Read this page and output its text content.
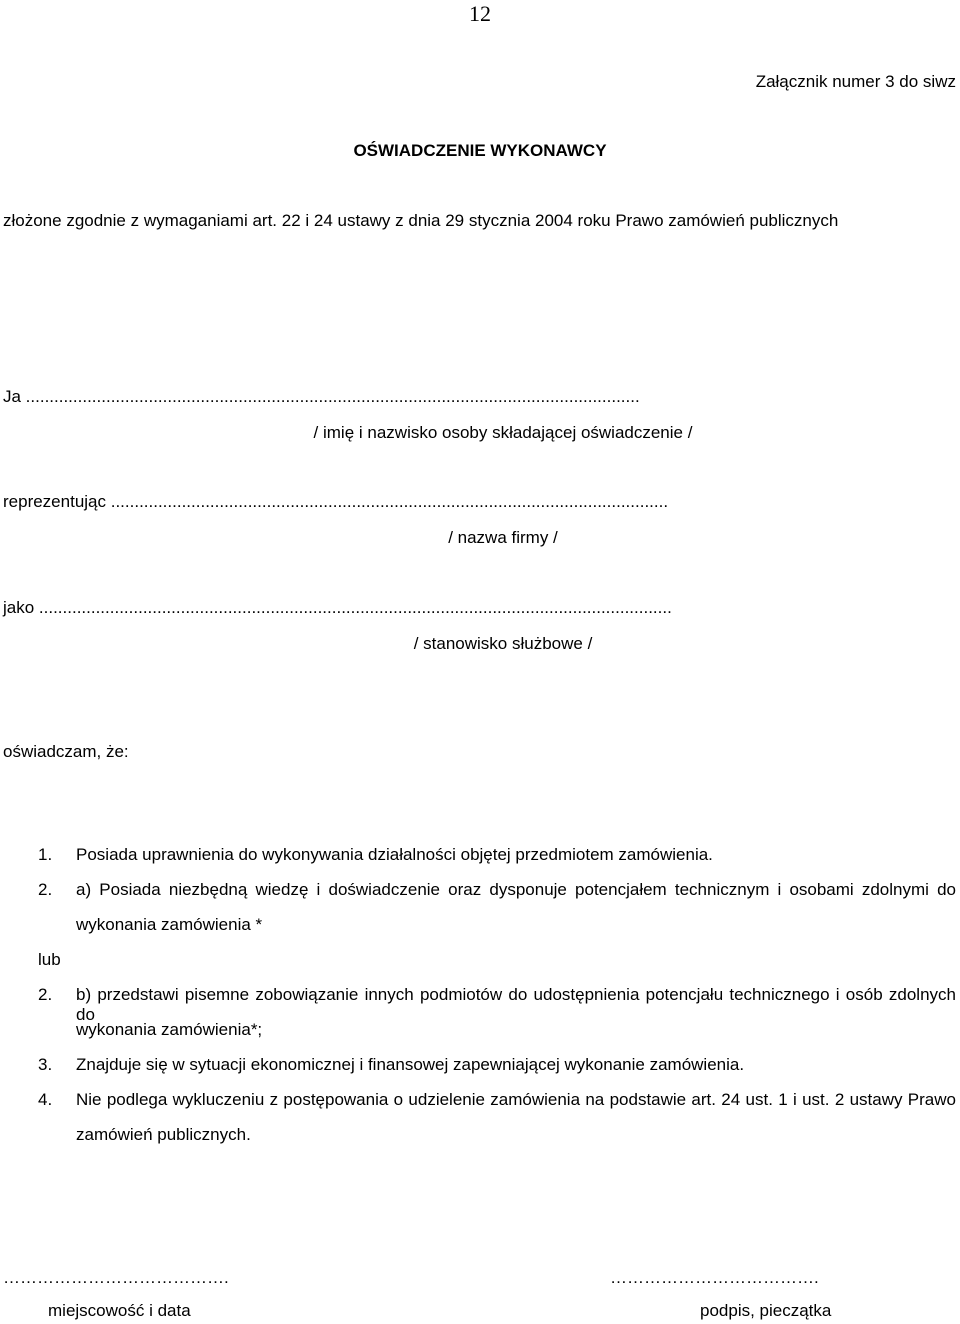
12
Załącznik numer 3 do siwz
OŚWIADCZENIE WYKONAWCY
złożone zgodnie z wymaganiami art. 22 i 24 ustawy z dnia 29 stycznia 2004 roku Prawo zamówień publicznych
Ja ..................................................................................................................................
/ imię i nazwisko osoby składającej oświadczenie /
reprezentując ......................................................................................................................
/ nazwa firmy /
jako ......................................................................................................................................
/ stanowisko służbowe /
oświadczam, że:
1. Posiada uprawnienia do wykonywania działalności objętej przedmiotem zamówienia.
2. a) Posiada niezbędną wiedzę i doświadczenie oraz dysponuje potencjałem technicznym i osobami zdolnymi do
wykonania zamówienia *
lub
2. b) przedstawi pisemne zobowiązanie innych podmiotów do udostępnienia potencjału technicznego i osób zdolnych do
wykonania zamówienia*;
3. Znajduje się w sytuacji ekonomicznej i finansowej zapewniającej wykonanie zamówienia.
4. Nie podlega wykluczeniu z postępowania o udzielenie zamówienia na podstawie art. 24 ust. 1 i ust. 2 ustawy Prawo
zamówień publicznych.
………………………………….
miejscowość i data
……………………………….
podpis, pieczątka
